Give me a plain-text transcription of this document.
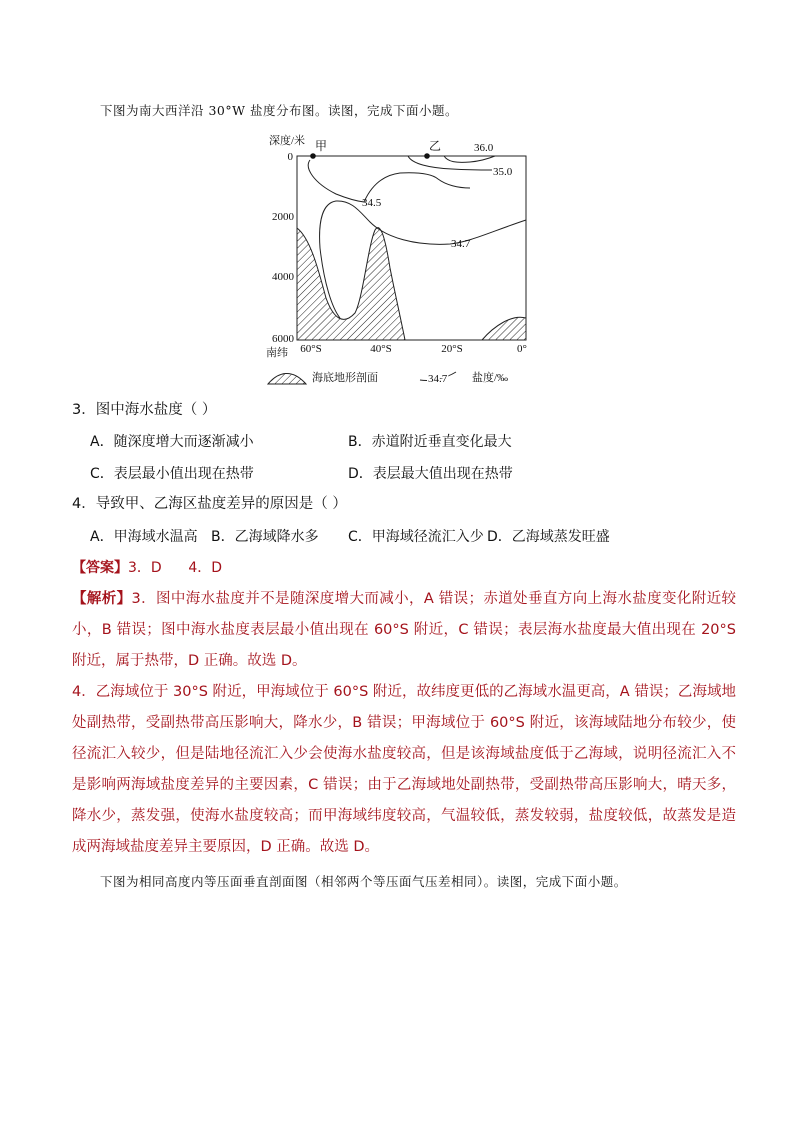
下图为南大西洋沿 30°W 盐度分布图。读图，完成下面小题。
36.0
35.0
34.5
34.7
甲	乙
深度/米
0
2000
4000
6000
60°S	40°S	20°S	0°
南纬
海底地形剖面	34.7 盐度/‰
3．图中海水盐度（ ）
A．随深度增大而逐渐减小	B．赤道附近垂直变化最大
C．表层最小值出现在热带	D．表层最大值出现在热带
4．导致甲、乙海区盐度差异的原因是（ ）
A．甲海域水温高 B．乙海域降水多 C．甲海域径流汇入少 D．乙海域蒸发旺盛
【答案】3．D      4．D
【解析】3．图中海水盐度并不是随深度增大而减小，A 错误；赤道处垂直方向上海水盐度变化附近较小，B 错误；图中海水盐度表层最小值出现在 60°S 附近，C 错误；表层海水盐度最大值出现在 20°S 附近，属于热带，D 正确。故选 D。
4．乙海域位于 30°S 附近，甲海域位于 60°S 附近，故纬度更低的乙海域水温更高，A 错误；乙海域地处副热带，受副热带高压影响大，降水少，B 错误；甲海域位于 60°S 附近，该海域陆地分布较少，使径流汇入较少，但是陆地径流汇入少会使海水盐度较高，但是该海域盐度低于乙海域，说明径流汇入不是影响两海域盐度差异的主要因素，C 错误；由于乙海域地处副热带，受副热带高压影响大，晴天多，降水少，蒸发强，使海水盐度较高；而甲海域纬度较高，气温较低，蒸发较弱，盐度较低，故蒸发是造成两海域盐度差异主要原因，D 正确。故选 D。
下图为相同高度内等压面垂直剖面图（相邻两个等压面气压差相同）。读图，完成下面小题。
